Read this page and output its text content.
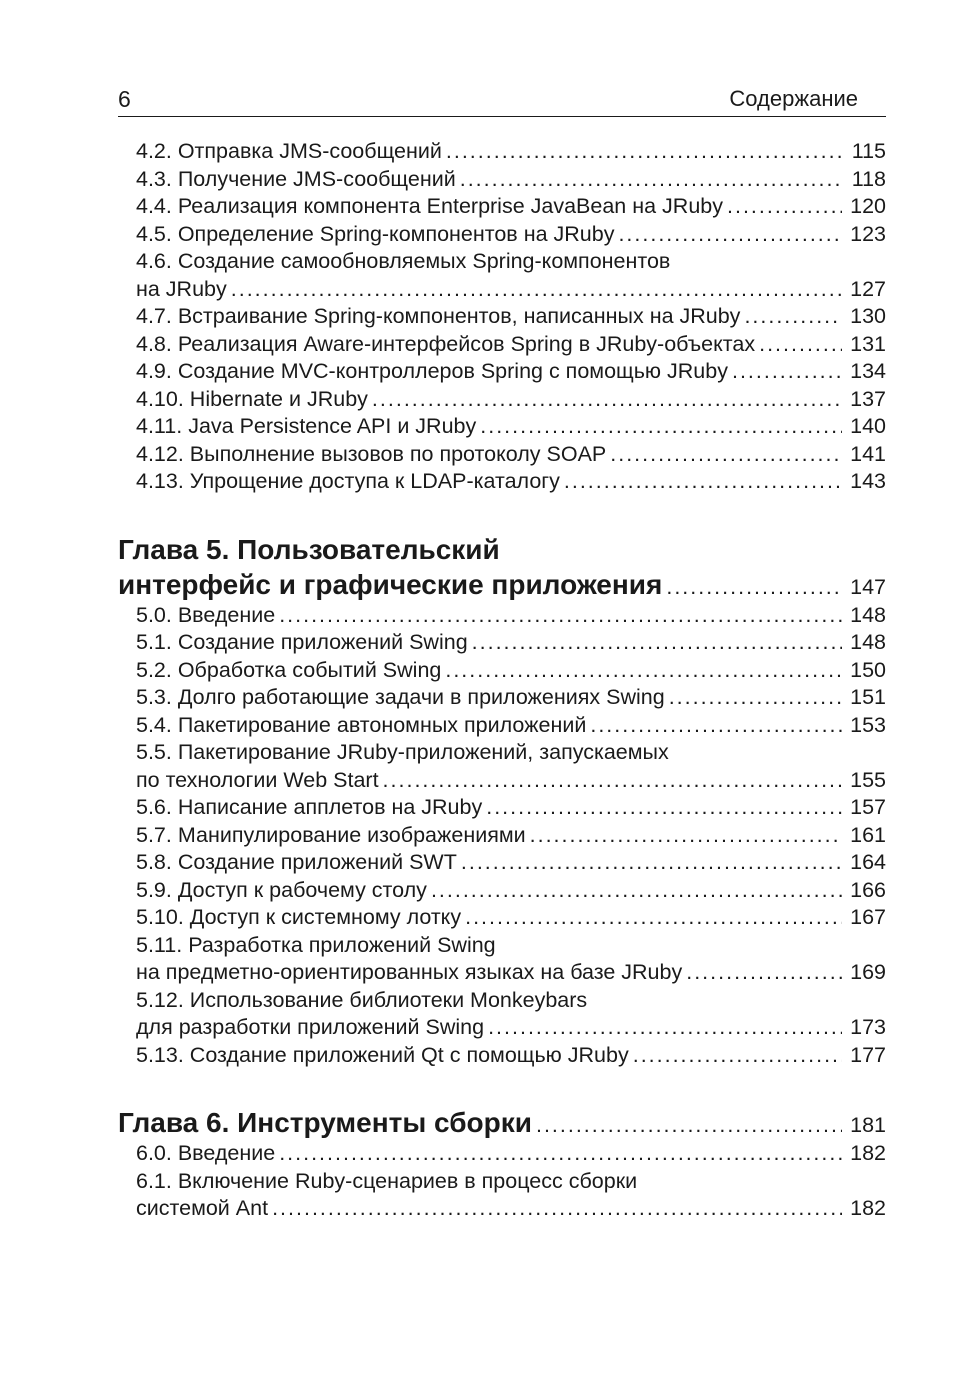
6	Содержание
4.2. Отправка JMS-сообщений .....	115
4.3. Получение JMS-сообщений .....	118
4.4. Реализация компонента Enterprise JavaBean на JRuby .....	120
4.5. Определение Spring-компонентов на JRuby .....	123
4.6. Создание самообновляемых Spring-компонентов
на JRuby .....	127
4.7. Встраивание Spring-компонентов, написанных на JRuby .....	130
4.8. Реализация Aware-интерфейсов Spring в JRuby-объектах .....	131
4.9. Создание MVC-контроллеров Spring с помощью JRuby .....	134
4.10. Hibernate и JRuby .....	137
4.11. Java Persistence API и JRuby .....	140
4.12. Выполнение вызовов по протоколу SOAP .....	141
4.13. Упрощение доступа к LDAP-каталогу .....	143
Глава 5. Пользовательский
интерфейс и графические приложения .....	147
5.0. Введение .....	148
5.1. Создание приложений Swing .....	148
5.2. Обработка событий Swing .....	150
5.3. Долго работающие задачи в приложениях Swing .....	151
5.4. Пакетирование автономных приложений .....	153
5.5. Пакетирование JRuby-приложений, запускаемых
по технологии Web Start .....	155
5.6. Написание апплетов на JRuby .....	157
5.7. Манипулирование изображениями .....	161
5.8. Создание приложений SWT .....	164
5.9. Доступ к рабочему столу .....	166
5.10. Доступ к системному лотку .....	167
5.11. Разработка приложений Swing
на предметно-ориентированных языках на базе JRuby .....	169
5.12. Использование библиотеки Monkeybars
для разработки приложений Swing .....	173
5.13. Создание приложений Qt с помощью JRuby .....	177
Глава 6. Инструменты сборки .....	181
6.0. Введение .....	182
6.1. Включение Ruby-сценариев в процесс сборки
системой Ant .....	182
